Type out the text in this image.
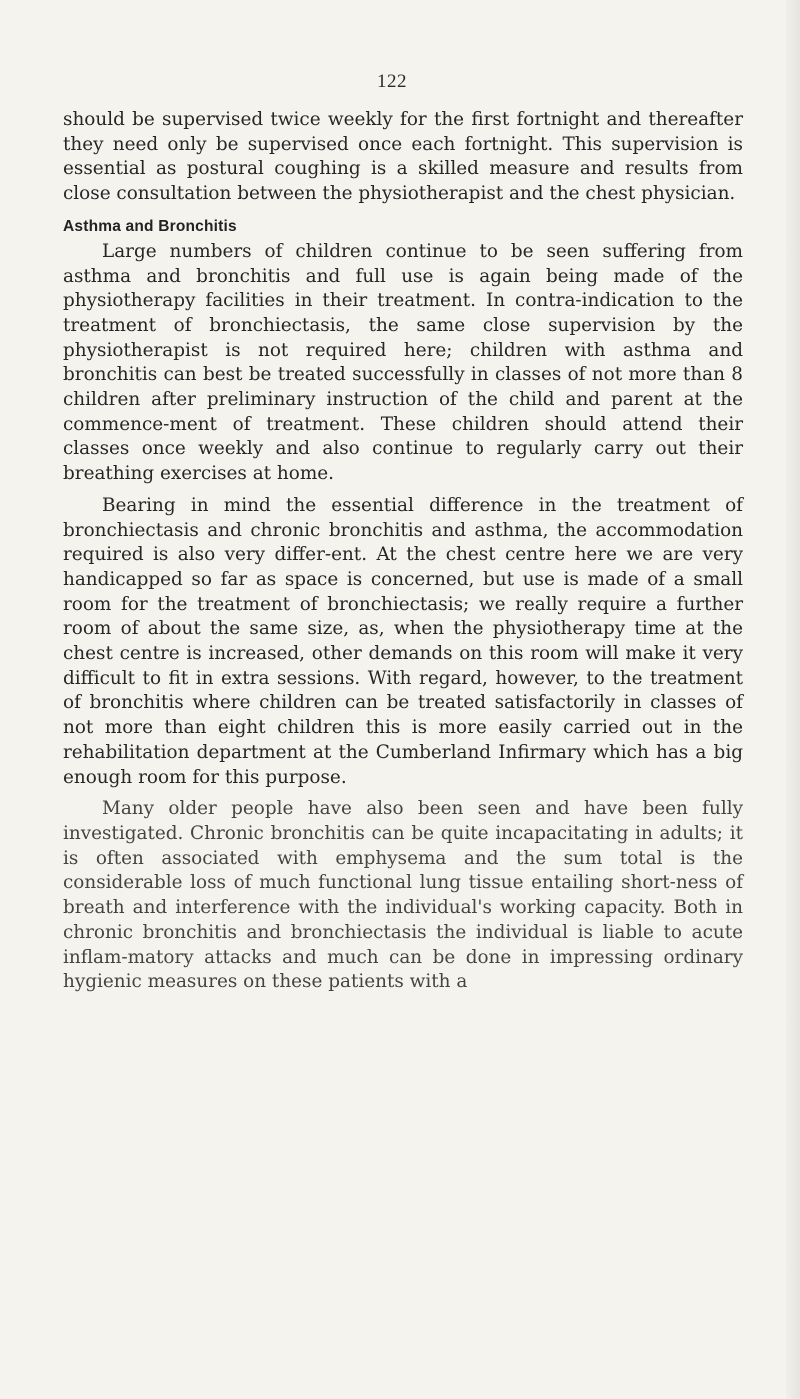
122

should be supervised twice weekly for the first fortnight and thereafter they need only be supervised once each fortnight. This supervision is essential as postural coughing is a skilled measure and results from close consultation between the physiotherapist and the chest physician.

Asthma and Bronchitis

Large numbers of children continue to be seen suffering from asthma and bronchitis and full use is again being made of the physiotherapy facilities in their treatment. In contra-indication to the treatment of bronchiectasis, the same close supervision by the physiotherapist is not required here; children with asthma and bronchitis can best be treated successfully in classes of not more than 8 children after preliminary instruction of the child and parent at the commence-ment of treatment. These children should attend their classes once weekly and also continue to regularly carry out their breathing exercises at home.

Bearing in mind the essential difference in the treatment of bronchiectasis and chronic bronchitis and asthma, the accommodation required is also very differ-ent. At the chest centre here we are very handicapped so far as space is concerned, but use is made of a small room for the treatment of bronchiectasis; we really require a further room of about the same size, as, when the physiotherapy time at the chest centre is increased, other demands on this room will make it very difficult to fit in extra sessions. With regard, however, to the treatment of bronchitis where children can be treated satisfactorily in classes of not more than eight children this is more easily carried out in the rehabilitation department at the Cumberland Infirmary which has a big enough room for this purpose.

Many older people have also been seen and have been fully investigated. Chronic bronchitis can be quite incapacitating in adults; it is often associated with emphysema and the sum total is the considerable loss of much functional lung tissue entailing short-ness of breath and interference with the individual's working capacity. Both in chronic bronchitis and bronchiectasis the individual is liable to acute inflam-matory attacks and much can be done in impressing ordinary hygienic measures on these patients with a
